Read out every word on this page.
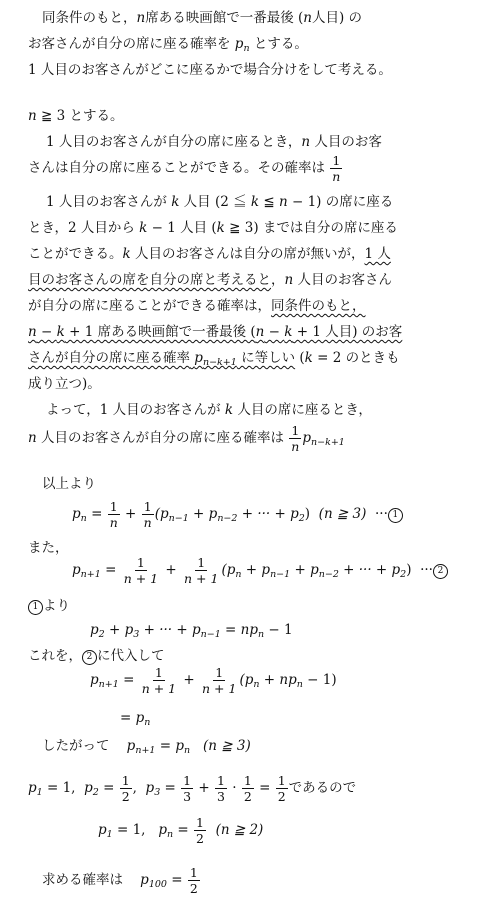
同条件のもと，n席ある映画館で一番最後 (n人目) の
お客さんが自分の席に座る確率を $p_n$ とする。
1 人目のお客さんがどこに座るかで場合分けをして考える。
n ≧ 3 とする。
1 人目のお客さんが自分の席に座るとき，n 人目のお客
さんは自分の席に座ることができる。その確率は $\frac{1}{n}$
1 人目のお客さんが k 人目 (2 ≦ k ≦ n − 1) の席に座る
とき，2 人目から k − 1 人目 (k ≧ 3) までは自分の席に座る
ことができる。k 人目のお客さんは自分の席が無いが，1 人
目のお客さんの席を自分の席と考えると，n 人目のお客さん
が自分の席に座ることができる確率は，同条件のもと，
n − k + 1 席ある映画館で一番最後 (n − k + 1 人目) のお客
さんが自分の席に座る確率 $p_{n-k+1}$ に等しい (k = 2 のときも
成り立つ)。
よって，1 人目のお客さんが k 人目の席に座るとき，
n 人目のお客さんが自分の席に座る確率は $\frac{1}{n} p_{n-k+1}$
以上より
$p_n = \frac{1}{n} + \frac{1}{n} (p_{n-1} + p_{n-2}$ + ··· + $p_2$) (n ≧ 3) ··· 1
また，
$p_{n+1} = \frac{1}{n + 1} + \frac{1}{n + 1} (p_n + p_{n-1} + p_{n-2}$ + ··· + $p_2$) ··· 2
1 より
$p_2 + p_3$ + ··· + $p_{n-1} = np_n - 1$
これを， 2 に代入して
$p_{n+1} = \frac{1}{n + 1} + \frac{1}{n + 1} (p_n + np_n - 1)$
= $p_n$
したがって $p_{n+1} = p_n$ (n ≧ 3)
$p_1 = 1$, $p_2 = \frac{1}{2}$ , $p_3 = \frac{1}{3} + \frac{1}{3} \cdot \frac{1}{2} = \frac{1}{2}$ であるので
$p_1 = 1$, $p_n = \frac{1}{2} (n$ ≧ 2)
求める確率は $p_{100} = \frac{1}{2}$
